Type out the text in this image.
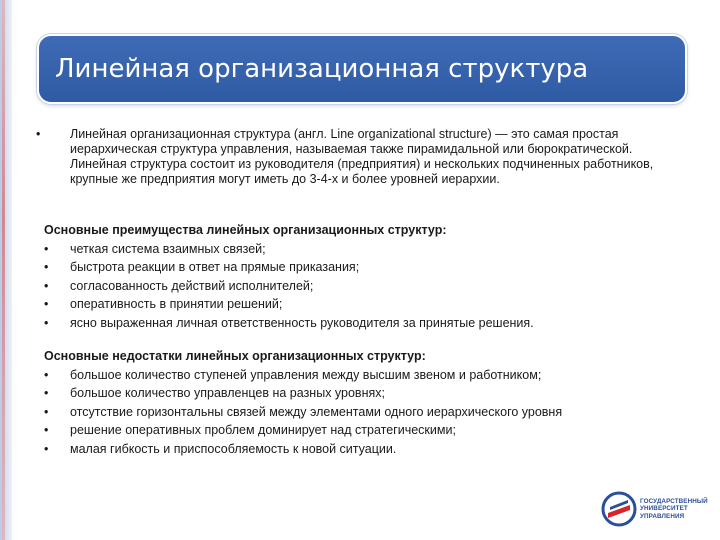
Линейная организационная структура
•	Линейная организационная структура (англ. Line organizational structure) — это самая простая иерархическая структура управления, называемая также пирамидальной или бюрократической. Линейная структура состоит из руководителя (предприятия) и нескольких подчиненных работников, крупные же предприятия могут иметь до 3-4-х и более уровней иерархии.
Основные преимущества линейных организационных структур:
•	четкая система взаимных связей;
•	быстрота реакции в ответ на прямые приказания;
•	согласованность действий исполнителей;
•	оперативность в принятии решений;
•	ясно выраженная личная ответственность руководителя за принятые решения.
Основные недостатки линейных организационных структур:
•	большое количество ступеней управления между высшим звеном и работником;
•	большое количество управленцев на разных уровнях;
•	отсутствие горизонтальны связей между элементами одного иерархического уровня
•	решение оперативных проблем доминирует над стратегическими;
•	малая гибкость и приспособляемость к новой ситуации.
ГОСУДАРСТВЕННЫЙ
УНИВЕРСИТЕТ
УПРАВЛЕНИЯ
